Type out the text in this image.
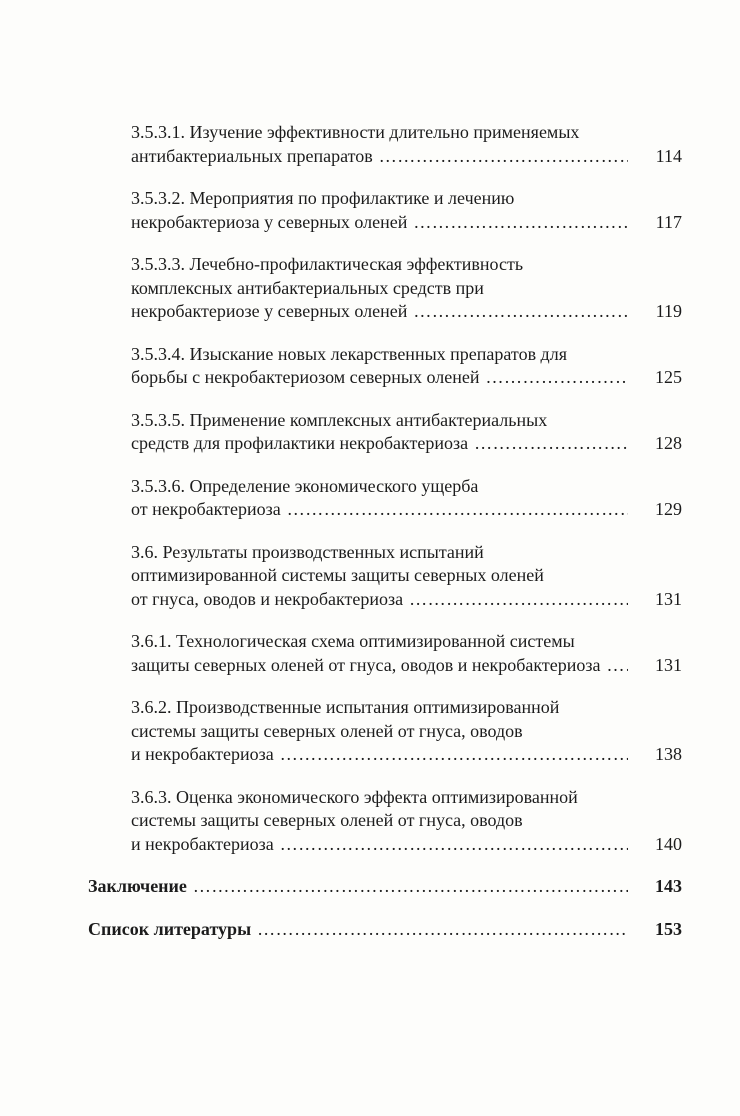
3.5.3.1. Изучение эффективности длительно применяемых
антибактериальных препаратов ……………………………………………………………………………………………………………	114
3.5.3.2. Мероприятия по профилактике и лечению
некробактериоза у северных оленей ……………………………………………………………………………………………………………	117
3.5.3.3. Лечебно-профилактическая эффективность
комплексных антибактериальных средств при
некробактериозе у северных оленей ……………………………………………………………………………………………………………	119
3.5.3.4. Изыскание новых лекарственных препаратов для
борьбы с некробактериозом северных оленей ……………………………………………………………………………………………………………	125
3.5.3.5. Применение комплексных антибактериальных
средств для профилактики некробактериоза ……………………………………………………………………………………………………………	128
3.5.3.6. Определение экономического ущерба
от некробактериоза ……………………………………………………………………………………………………………	129
3.6. Результаты производственных испытаний
оптимизированной системы защиты северных оленей
от гнуса, оводов и некробактериоза ……………………………………………………………………………………………………………	131
3.6.1. Технологическая схема оптимизированной системы
защиты северных оленей от гнуса, оводов и некробактериоза ……………………………………………………………………………………………………………	131
3.6.2. Производственные испытания оптимизированной
системы защиты северных оленей от гнуса, оводов
и некробактериоза ……………………………………………………………………………………………………………	138
3.6.3. Оценка экономического эффекта оптимизированной
системы защиты северных оленей от гнуса, оводов
и некробактериоза ……………………………………………………………………………………………………………	140
Заключение ……………………………………………………………………………………………………………	143
Список литературы ……………………………………………………………………………………………………………	153
